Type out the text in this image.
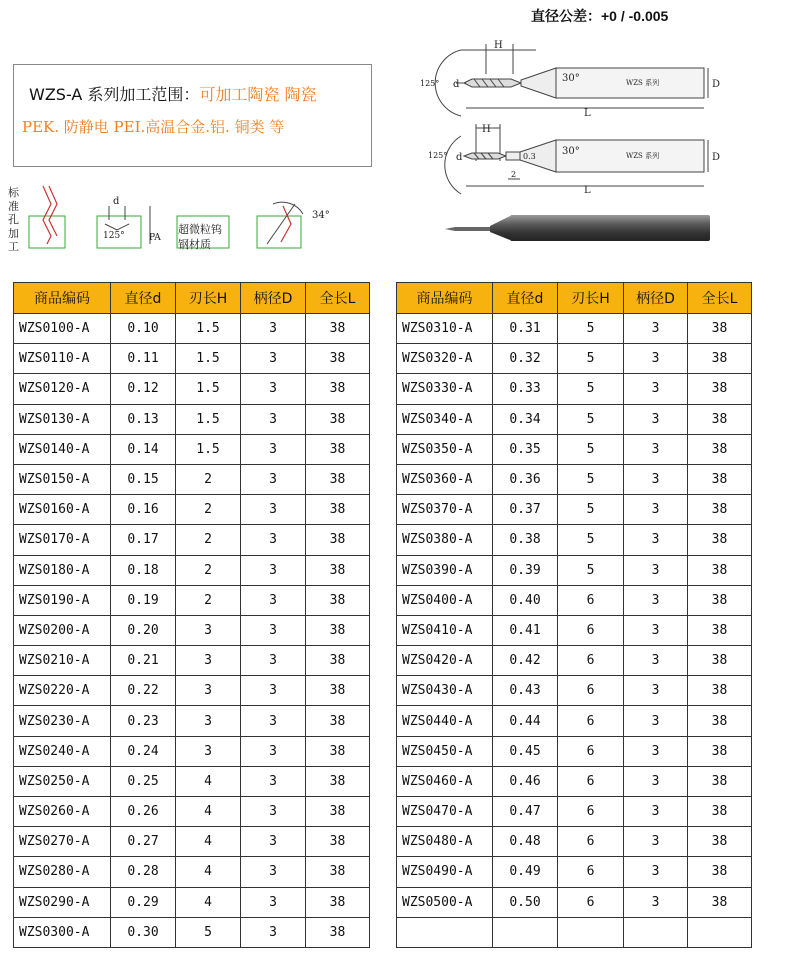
直径公差：+0 / -0.005
WZS-A 系列加工范围：可加工陶瓷 陶瓷
PEK. 防静电 PEI.高温合金.铝. 铜类 等
H
d
125°	30°	WZS 系列	D
L
H
d
125°	0.3
2
30°	WZS 系列	D
L
d
125°	PA
34°
标准孔加工
超微粒钨钢材质
商品编码	直径d	刃长H	柄径D	全长L
WZS0100-A	0.10	1.5	3	38
WZS0110-A	0.11	1.5	3	38
WZS0120-A	0.12	1.5	3	38
WZS0130-A	0.13	1.5	3	38
WZS0140-A	0.14	1.5	3	38
WZS0150-A	0.15	2	3	38
WZS0160-A	0.16	2	3	38
WZS0170-A	0.17	2	3	38
WZS0180-A	0.18	2	3	38
WZS0190-A	0.19	2	3	38
WZS0200-A	0.20	3	3	38
WZS0210-A	0.21	3	3	38
WZS0220-A	0.22	3	3	38
WZS0230-A	0.23	3	3	38
WZS0240-A	0.24	3	3	38
WZS0250-A	0.25	4	3	38
WZS0260-A	0.26	4	3	38
WZS0270-A	0.27	4	3	38
WZS0280-A	0.28	4	3	38
WZS0290-A	0.29	4	3	38
WZS0300-A	0.30	5	3	38
商品编码	直径d	刃长H	柄径D	全长L
WZS0310-A	0.31	5	3	38
WZS0320-A	0.32	5	3	38
WZS0330-A	0.33	5	3	38
WZS0340-A	0.34	5	3	38
WZS0350-A	0.35	5	3	38
WZS0360-A	0.36	5	3	38
WZS0370-A	0.37	5	3	38
WZS0380-A	0.38	5	3	38
WZS0390-A	0.39	5	3	38
WZS0400-A	0.40	6	3	38
WZS0410-A	0.41	6	3	38
WZS0420-A	0.42	6	3	38
WZS0430-A	0.43	6	3	38
WZS0440-A	0.44	6	3	38
WZS0450-A	0.45	6	3	38
WZS0460-A	0.46	6	3	38
WZS0470-A	0.47	6	3	38
WZS0480-A	0.48	6	3	38
WZS0490-A	0.49	6	3	38
WZS0500-A	0.50	6	3	38
